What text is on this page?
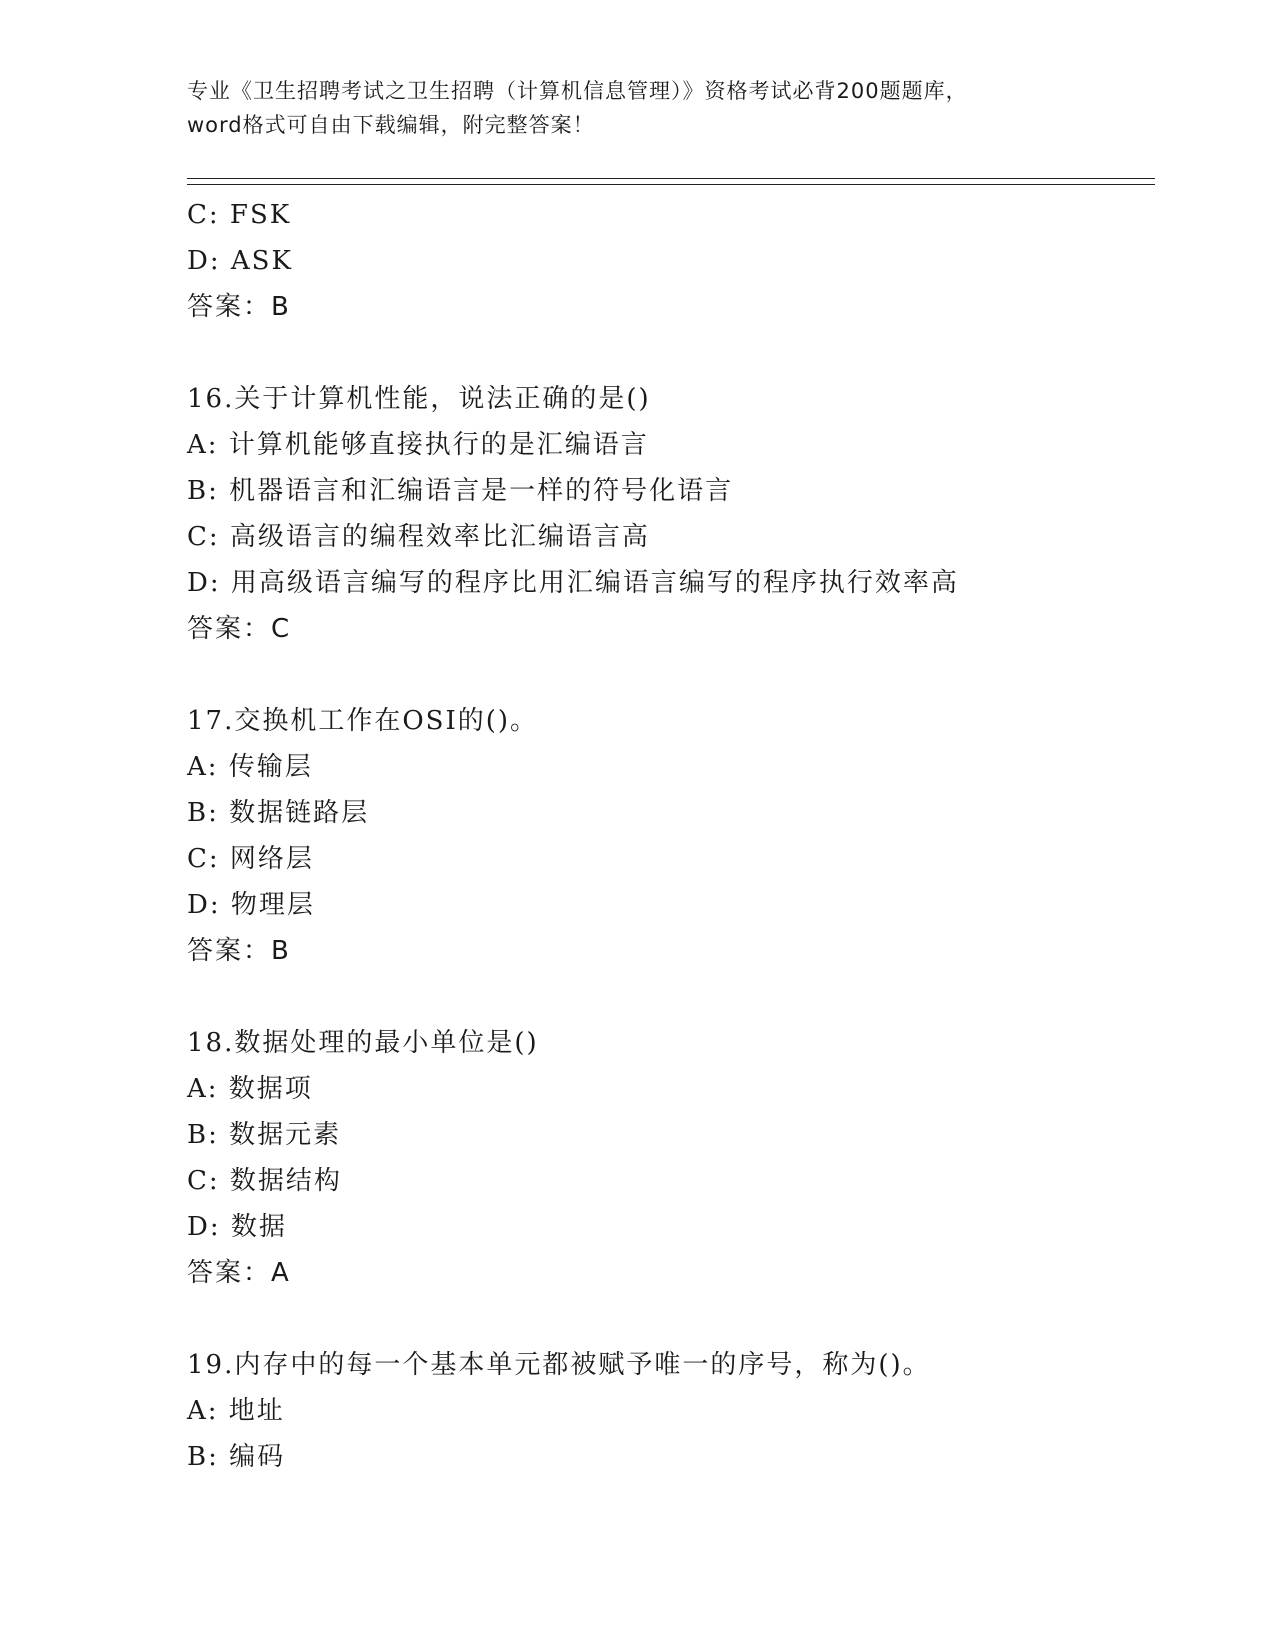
专业《卫生招聘考试之卫生招聘（计算机信息管理）》资格考试必背200题题库，
word格式可自由下载编辑，附完整答案！
C: FSK
D: ASK
答案：B
16.关于计算机性能，说法正确的是()
A: 计算机能够直接执行的是汇编语言
B: 机器语言和汇编语言是一样的符号化语言
C: 高级语言的编程效率比汇编语言高
D: 用高级语言编写的程序比用汇编语言编写的程序执行效率高
答案：C
17.交换机工作在OSI的()。
A: 传输层
B: 数据链路层
C: 网络层
D: 物理层
答案：B
18.数据处理的最小单位是()
A: 数据项
B: 数据元素
C: 数据结构
D: 数据
答案：A
19.内存中的每一个基本单元都被赋予唯一的序号，称为()。
A: 地址
B: 编码
